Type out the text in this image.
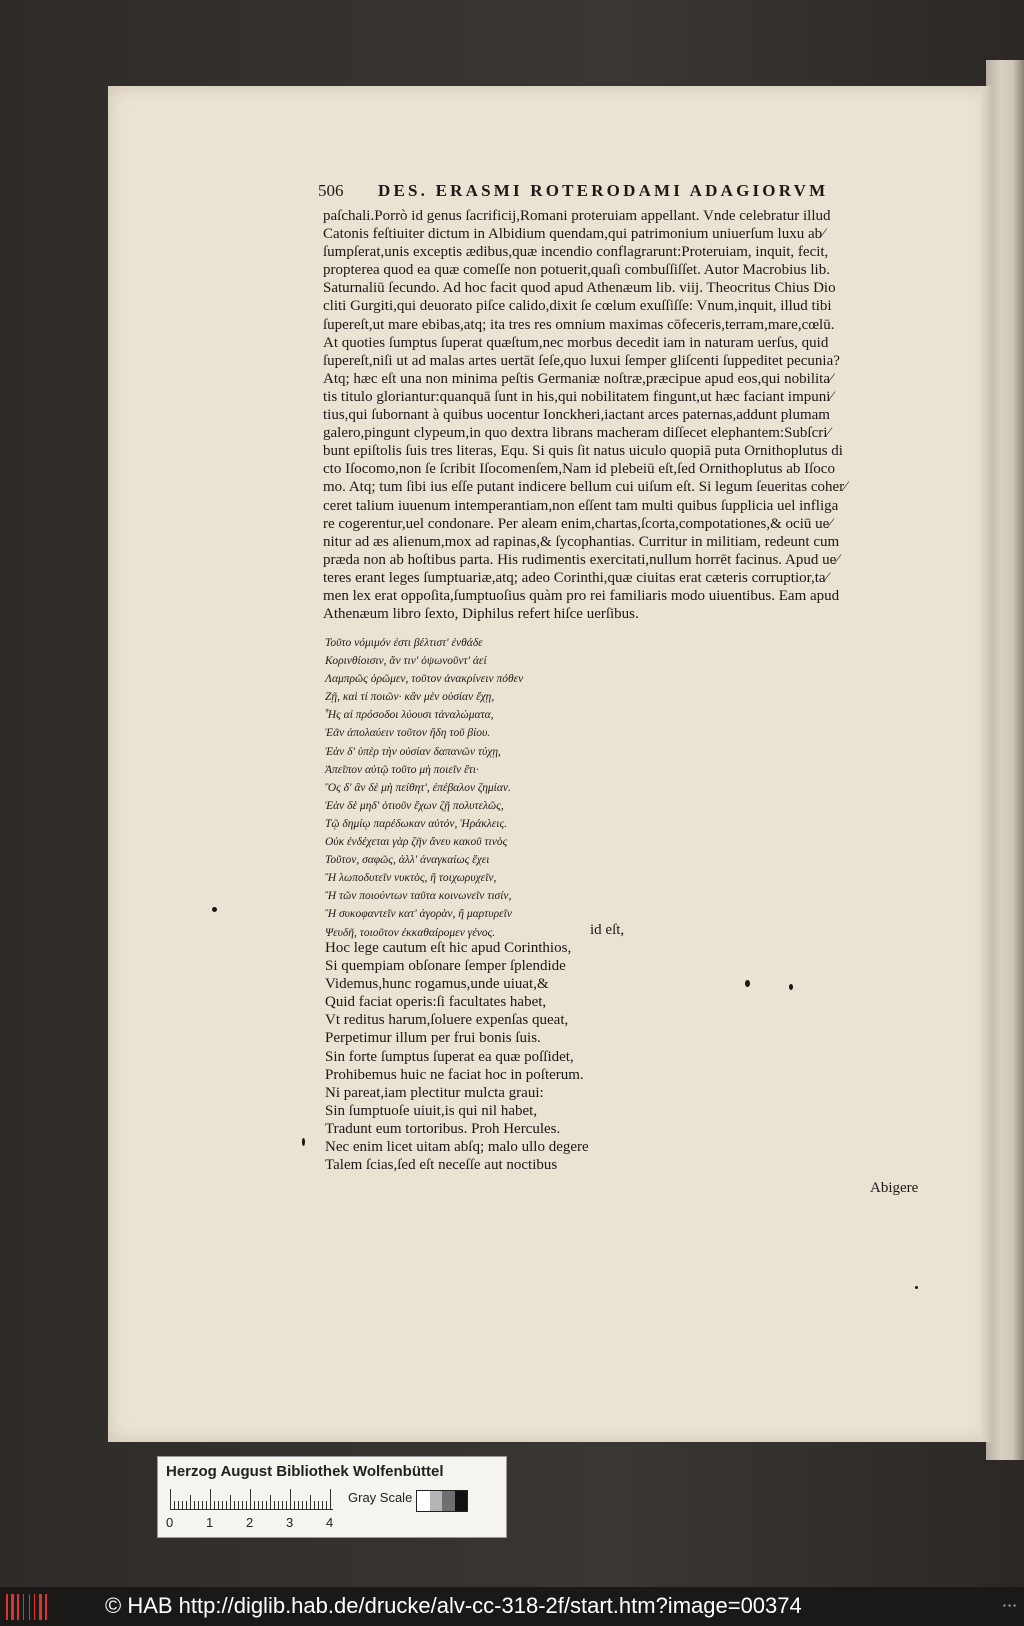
506	DES. ERASMI ROTERODAMI ADAGIORVM
paſchali.Porrò id genus ſacrificij,Romani proteruiam appellant. Vnde celebratur illud
Catonis feſtiuiter dictum in Albidium quendam,qui patrimonium uniuerſum luxu ab⁄
ſumpſerat,unis exceptis ædibus,quæ incendio conflagrarunt:Proteruiam, inquit, fecit,
propterea quod ea quæ comeſſe non potuerit,quaſi combuſſiſſet. Autor Macrobius lib.
Saturnaliū ſecundo. Ad hoc facit quod apud Athenæum lib. viij. Theocritus Chius Dio
cliti Gurgiti,qui deuorato piſce calido,dixit ſe cœlum exuſſiſſe: Vnum,inquit, illud tibi
ſupereſt,ut mare ebibas,atq; ita tres res omnium maximas cōfeceris,terram,mare,cœlū.
At quoties ſumptus ſuperat quæſtum,nec morbus decedit iam in naturam uerſus, quid
ſupereſt,niſi ut ad malas artes uertāt ſeſe,quo luxui ſemper gliſcenti ſuppeditet pecunia?
Atq; hæc eſt una non minima peſtis Germaniæ noſtræ,præcipue apud eos,qui nobilita⁄
tis titulo gloriantur:quanquā ſunt in his,qui nobilitatem fingunt,ut hæc faciant impuni⁄
tius,qui ſubornant à quibus uocentur Ionckheri,iactant arces paternas,addunt plumam
galero,pingunt clypeum,in quo dextra librans macheram diſſecet elephantem:Subſcri⁄
bunt epiſtolis ſuis tres literas, Equ. Si quis ſit natus uiculo quopiā puta Ornithoplutus di
cto Iſocomo,non ſe ſcribit Iſocomenſem,Nam id plebeiū eſt,ſed Ornithoplutus ab Iſoco
mo. Atq; tum ſibi ius eſſe putant indicere bellum cui uiſum eſt. Si legum ſeueritas coher⁄
ceret talium iuuenum intemperantiam,non eſſent tam multi quibus ſupplicia uel infliga
re cogerentur,uel condonare. Per aleam enim,chartas,ſcorta,compotationes,& ociū ue⁄
nitur ad æs alienum,mox ad rapinas,& ſycophantias. Curritur in militiam, redeunt cum
præda non ab hoſtibus parta. His rudimentis exercitati,nullum horrēt facinus. Apud ue⁄
teres erant leges ſumptuariæ,atq; adeo Corinthi,quæ ciuitas erat cæteris corruptior,ta⁄
men lex erat oppoſita,ſumptuoſius quàm pro rei familiaris modo uiuentibus. Eam apud
Athenæum libro ſexto, Diphilus refert hiſce uerſibus.
Τοῦτο νόμιμόν ἐστι βέλτιστ' ἐνθάδε
Κορινθίοισιν, ἄν τιν' ὀψωνοῦντ' ἀεί
Λαμπρῶς ὁρῶμεν, τοῦτον ἀνακρίνειν πόθεν
Ζῇ, καὶ τί ποιῶν· κἂν μὲν οὐσίαν ἔχῃ,
Ἧς αἱ πρόσοδοι λύουσι τἀναλώματα,
Ἐᾶν ἀπολαύειν τοῦτον ἤδη τοῦ βίου.
Ἐὰν δ' ὑπὲρ τὴν οὐσίαν δαπανῶν τύχῃ,
Ἀπεῖπον αὐτῷ τοῦτο μὴ ποιεῖν ἔτι·
Ὃς δ' ἂν δὲ μὴ πείθητ', ἐπέβαλον ζημίαν.
Ἐὰν δὲ μηδ' ὁτιοῦν ἔχων ζῇ πολυτελῶς,
Τῷ δημίῳ παρέδωκαν αὐτόν, Ἡράκλεις.
Οὐκ ἐνδέχεται γὰρ ζῆν ἄνευ κακοῦ τινὸς
Τοῦτον, σαφῶς, ἀλλ' ἀναγκαίως ἔχει
Ἢ λωποδυτεῖν νυκτὸς, ἢ τοιχωρυχεῖν,
Ἢ τῶν ποιούντων ταῦτα κοινωνεῖν τισίν,
Ἢ συκοφαντεῖν κατ' ἀγορὰν, ἢ μαρτυρεῖν
Ψευδῆ, τοιοῦτον ἐκκαθαίρομεν γένος.	id eſt,
Hoc lege cautum eſt hic apud Corinthios,
Si quempiam obſonare ſemper ſplendide
Videmus,hunc rogamus,unde uiuat,&
Quid faciat operis:ſi facultates habet,
Vt reditus harum,ſoluere expenſas queat,
Perpetimur illum per frui bonis ſuis.
Sin forte ſumptus ſuperat ea quæ poſſidet,
Prohibemus huic ne faciat hoc in poſterum.
Ni pareat,iam plectitur mulcta graui:
Sin ſumptuoſe uiuit,is qui nil habet,
Tradunt eum tortoribus. Proh Hercules.
Nec enim licet uitam abſq; malo ullo degere
Talem ſcias,ſed eſt neceſſe aut noctibus
Abigere
Herzog August Bibliothek Wolfenbüttel
0	1	2	3	4
Gray Scale
© HAB http://diglib.hab.de/drucke/alv-cc-318-2f/start.htm?image=00374	▪ ▪ ▪
